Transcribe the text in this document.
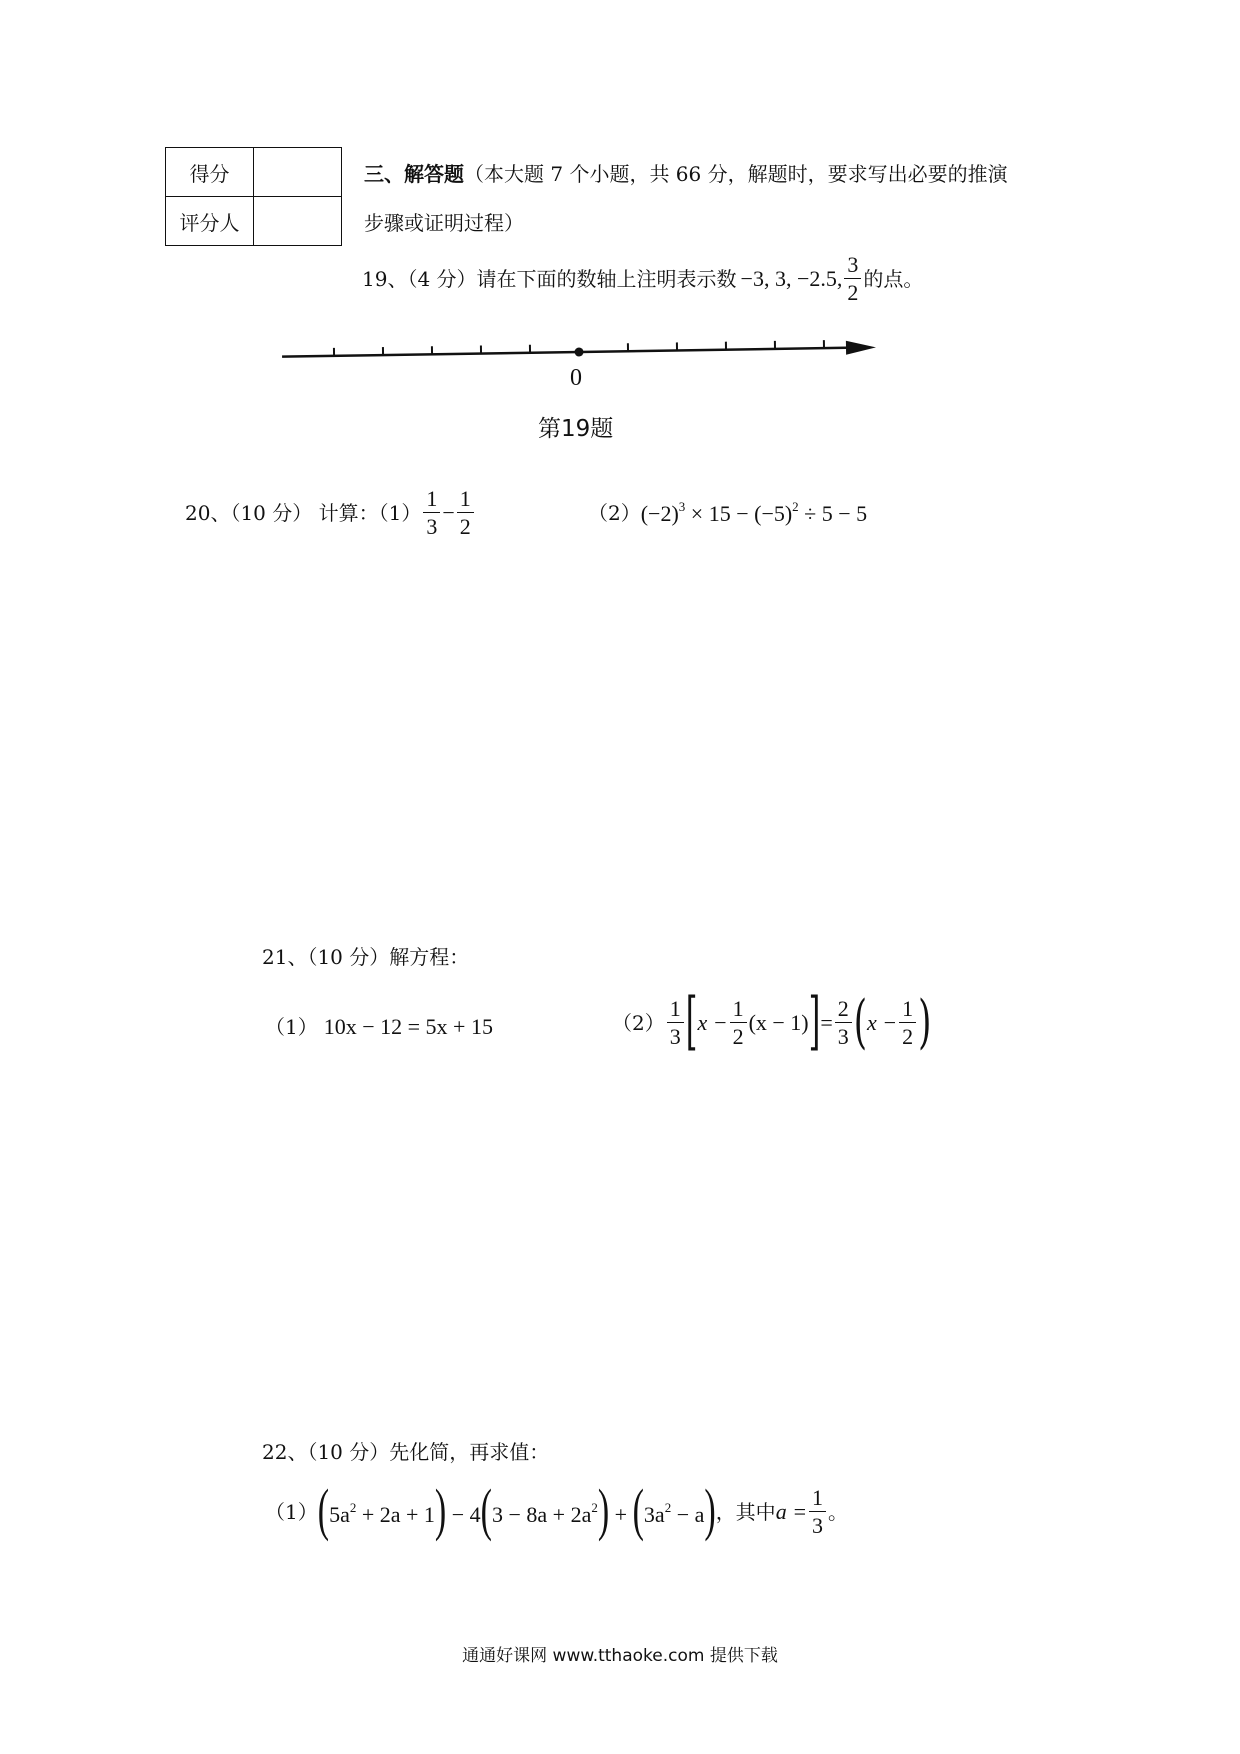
得分	
评分人	
三、解答题（本大题 7 个小题，共 66 分，解题时，要求写出必要的推演
步骤或证明过程）
19、（4 分）请在下面的数轴上注明表示数 −3, 3, −2.5, $\frac{3}{2}$ 的点。
0
第19题
20、（10 分） 计算：$(1) \frac{1}{3} - \frac{1}{2}$	（2） $(-2)^3 \times 15 - (-5)^2 \div 5 - 5$
21、（10 分）解方程：
（1） 10x − 12 = 5x + 15	$(2) \frac{1}{3}$ [ $x - \frac{1}{2} (x - 1)$ ] = $\frac{2}{3}$ ( $x - \frac{1}{2}$ )
22、（10 分）先化简，再求值：
（1） $(5a^2 + 2a + 1) - 4(3 - 8a + 2a^2) + (3a^2 - a)$ ，其中 $a = \frac{1}{3}$ 。
通通好课网 www.tthaoke.com 提供下载
